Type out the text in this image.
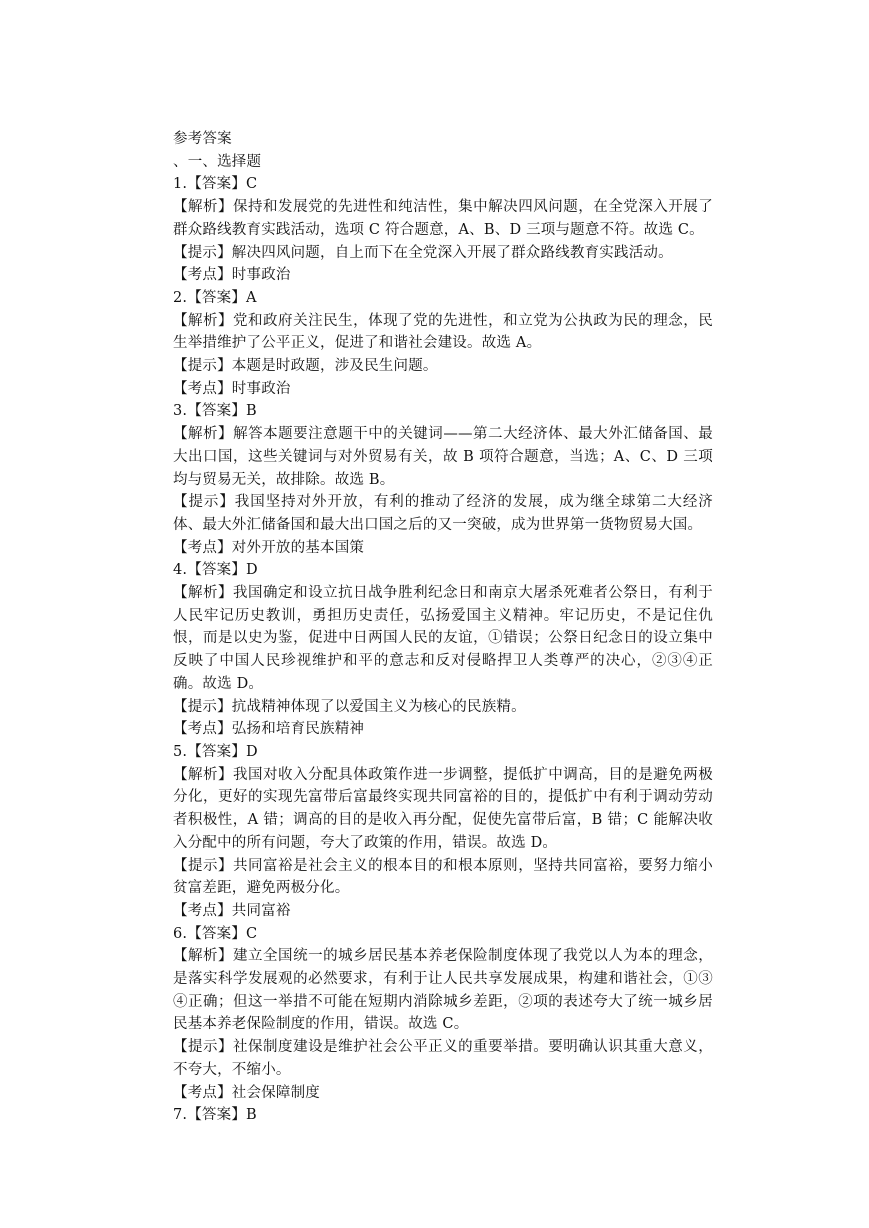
参考答案

、一、选择题

1.【答案】C

【解析】保持和发展党的先进性和纯洁性，集中解决四风问题，在全党深入开展了群众路线教育实践活动，选项 C 符合题意，A、B、D 三项与题意不符。故选 C。

【提示】解决四风问题，自上而下在全党深入开展了群众路线教育实践活动。

【考点】时事政治

2.【答案】A

【解析】党和政府关注民生，体现了党的先进性，和立党为公执政为民的理念，民生举措维护了公平正义，促进了和谐社会建设。故选 A。

【提示】本题是时政题，涉及民生问题。

【考点】时事政治

3.【答案】B

【解析】解答本题要注意题干中的关键词——第二大经济体、最大外汇储备国、最大出口国，这些关键词与对外贸易有关，故 B 项符合题意，当选；A、C、D 三项均与贸易无关，故排除。故选 B。

【提示】我国坚持对外开放，有利的推动了经济的发展，成为继全球第二大经济体、最大外汇储备国和最大出口国之后的又一突破，成为世界第一货物贸易大国。

【考点】对外开放的基本国策

4.【答案】D

【解析】我国确定和设立抗日战争胜利纪念日和南京大屠杀死难者公祭日，有利于人民牢记历史教训，勇担历史责任，弘扬爱国主义精神。牢记历史，不是记住仇恨，而是以史为鉴，促进中日两国人民的友谊，①错误；公祭日纪念日的设立集中反映了中国人民珍视维护和平的意志和反对侵略捍卫人类尊严的决心，②③④正确。故选 D。

【提示】抗战精神体现了以爱国主义为核心的民族精。

【考点】弘扬和培育民族精神

5.【答案】D

【解析】我国对收入分配具体政策作进一步调整，提低扩中调高，目的是避免两极分化，更好的实现先富带后富最终实现共同富裕的目的，提低扩中有利于调动劳动者积极性，A 错；调高的目的是收入再分配，促使先富带后富，B 错；C 能解决收入分配中的所有问题，夸大了政策的作用，错误。故选 D。

【提示】共同富裕是社会主义的根本目的和根本原则，坚持共同富裕，要努力缩小贫富差距，避免两极分化。

【考点】共同富裕

6.【答案】C

【解析】建立全国统一的城乡居民基本养老保险制度体现了我党以人为本的理念，是落实科学发展观的必然要求，有利于让人民共享发展成果，构建和谐社会，①③④正确；但这一举措不可能在短期内消除城乡差距，②项的表述夸大了统一城乡居民基本养老保险制度的作用，错误。故选 C。

【提示】社保制度建设是维护社会公平正义的重要举措。要明确认识其重大意义，不夸大，不缩小。

【考点】社会保障制度

7.【答案】B
